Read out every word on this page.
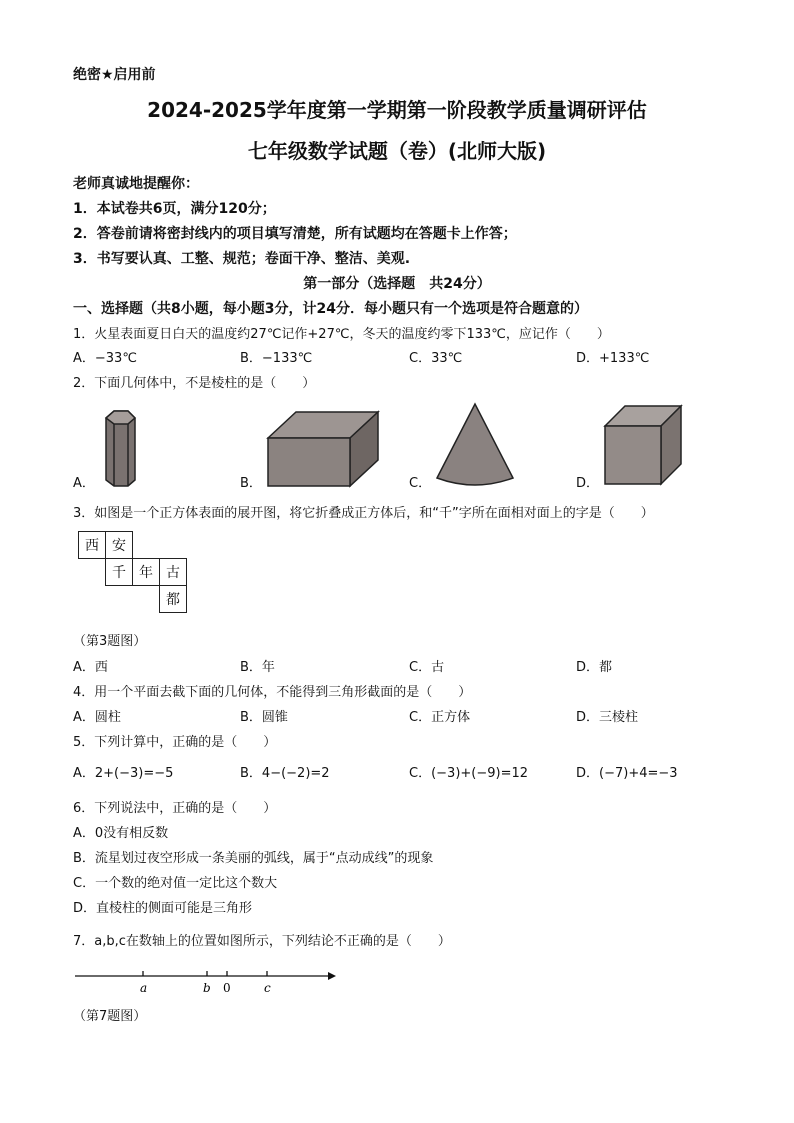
绝密★启用前
2024-2025学年度第一学期第一阶段教学质量调研评估
七年级数学试题（卷）(北师大版)
老师真诚地提醒你：
1．本试卷共6页，满分120分；
2．答卷前请将密封线内的项目填写清楚，所有试题均在答题卡上作答；
3．书写要认真、工整、规范；卷面干净、整洁、美观.
第一部分（选择题　共24分）
一、选择题（共8小题，每小题3分，计24分．每小题只有一个选项是符合题意的）
1．火星表面夏日白天的温度约27℃记作+27℃，冬天的温度约零下133℃，应记作（　　）
A．−33℃	B．−133℃	C．33℃	D．+133℃
2．下面几何体中，不是棱柱的是（　　）
A．	B．	C．	D．
3．如图是一个正方体表面的展开图，将它折叠成正方体后，和“千”字所在面相对面上的字是（　　）
西 安
千 年 古
都
（第3题图）
A．西	B．年	C．古	D．都
4．用一个平面去截下面的几何体，不能得到三角形截面的是（　　）
A．圆柱	B．圆锥	C．正方体	D．三棱柱
5．下列计算中，正确的是（　　）
A．2+(−3)=−5	B．4−(−2)=2	C．(−3)+(−9)=12	D．(−7)+4=−3
6．下列说法中，正确的是（　　）
A．0没有相反数
B．流星划过夜空形成一条美丽的弧线，属于“点动成线”的现象
C．一个数的绝对值一定比这个数大
D．直棱柱的侧面可能是三角形
7．a,b,c在数轴上的位置如图所示，下列结论不正确的是（　　）
a	b 0	c
（第7题图）
